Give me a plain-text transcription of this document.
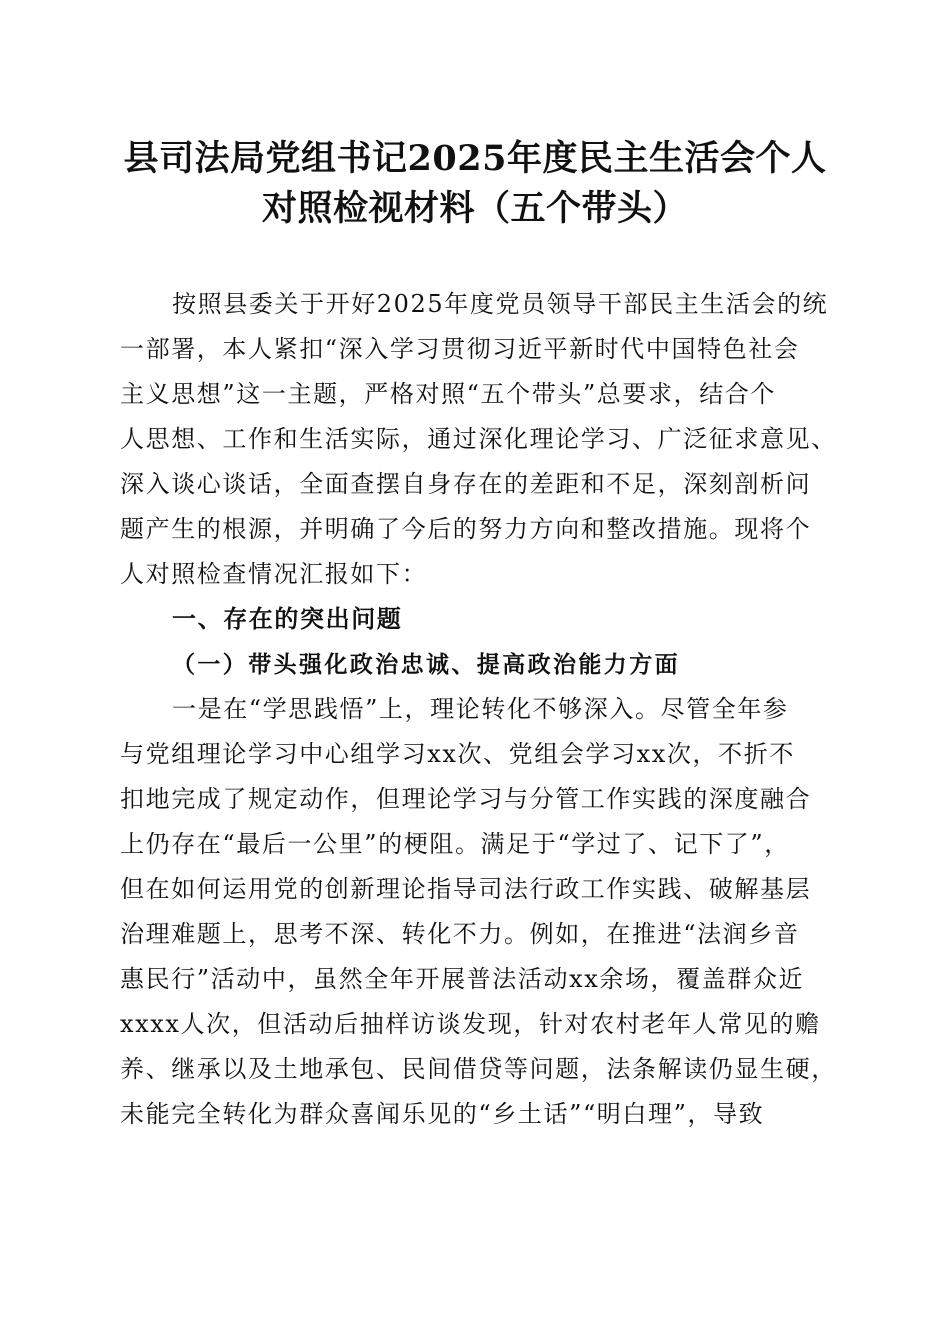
县司法局党组书记2025年度民主生活会个人
对照检视材料（五个带头）

按照县委关于开好2025年度党员领导干部民主生活会的统
一部署，本人紧扣“深入学习贯彻习近平新时代中国特色社会
主义思想”这一主题，严格对照“五个带头”总要求，结合个
人思想、工作和生活实际，通过深化理论学习、广泛征求意见、
深入谈心谈话，全面查摆自身存在的差距和不足，深刻剖析问
题产生的根源，并明确了今后的努力方向和整改措施。现将个
人对照检查情况汇报如下：

一、存在的突出问题
（一）带头强化政治忠诚、提高政治能力方面

一是在“学思践悟”上，理论转化不够深入。尽管全年参
与党组理论学习中心组学习xx次、党组会学习xx次，不折不
扣地完成了规定动作，但理论学习与分管工作实践的深度融合
上仍存在“最后一公里”的梗阻。满足于“学过了、记下了”，
但在如何运用党的创新理论指导司法行政工作实践、破解基层
治理难题上，思考不深、转化不力。例如，在推进“法润乡音
惠民行”活动中，虽然全年开展普法活动xx余场，覆盖群众近
xxxx人次，但活动后抽样访谈发现，针对农村老年人常见的赡
养、继承以及土地承包、民间借贷等问题，法条解读仍显生硬，
未能完全转化为群众喜闻乐见的“乡土话”“明白理”，导致
